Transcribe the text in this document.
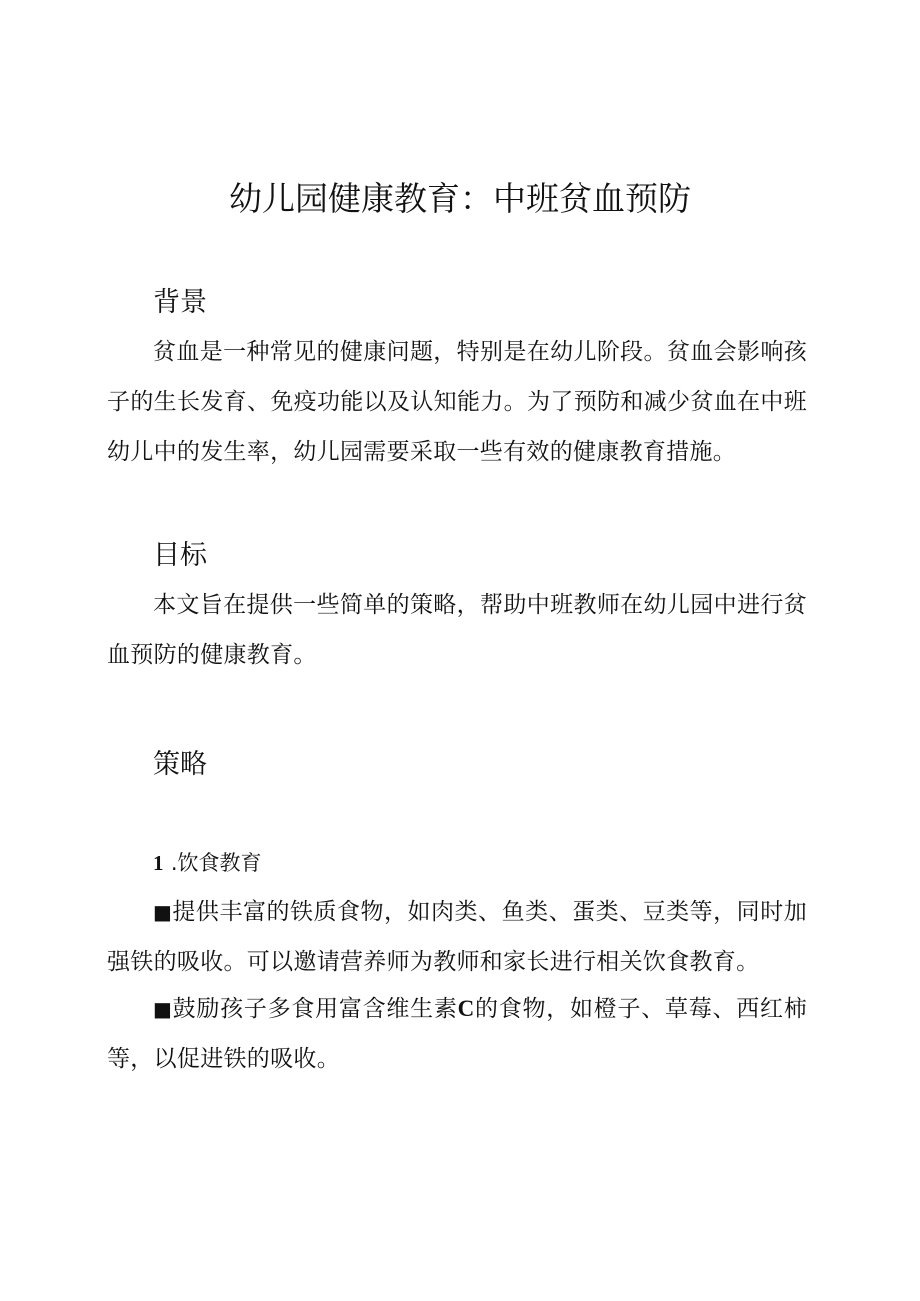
幼儿园健康教育：中班贫血预防
背景

贫血是一种常见的健康问题，特别是在幼儿阶段。贫血会影响孩子的生长发育、免疫功能以及认知能力。为了预防和减少贫血在中班幼儿中的发生率，幼儿园需要采取一些有效的健康教育措施。

目标

本文旨在提供一些简单的策略，帮助中班教师在幼儿园中进行贫血预防的健康教育。

策略
1 .饮食教育

■提供丰富的铁质食物，如肉类、鱼类、蛋类、豆类等，同时加强铁的吸收。可以邀请营养师为教师和家长进行相关饮食教育。

■鼓励孩子多食用富含维生素C的食物，如橙子、草莓、西红柿等，以促进铁的吸收。
